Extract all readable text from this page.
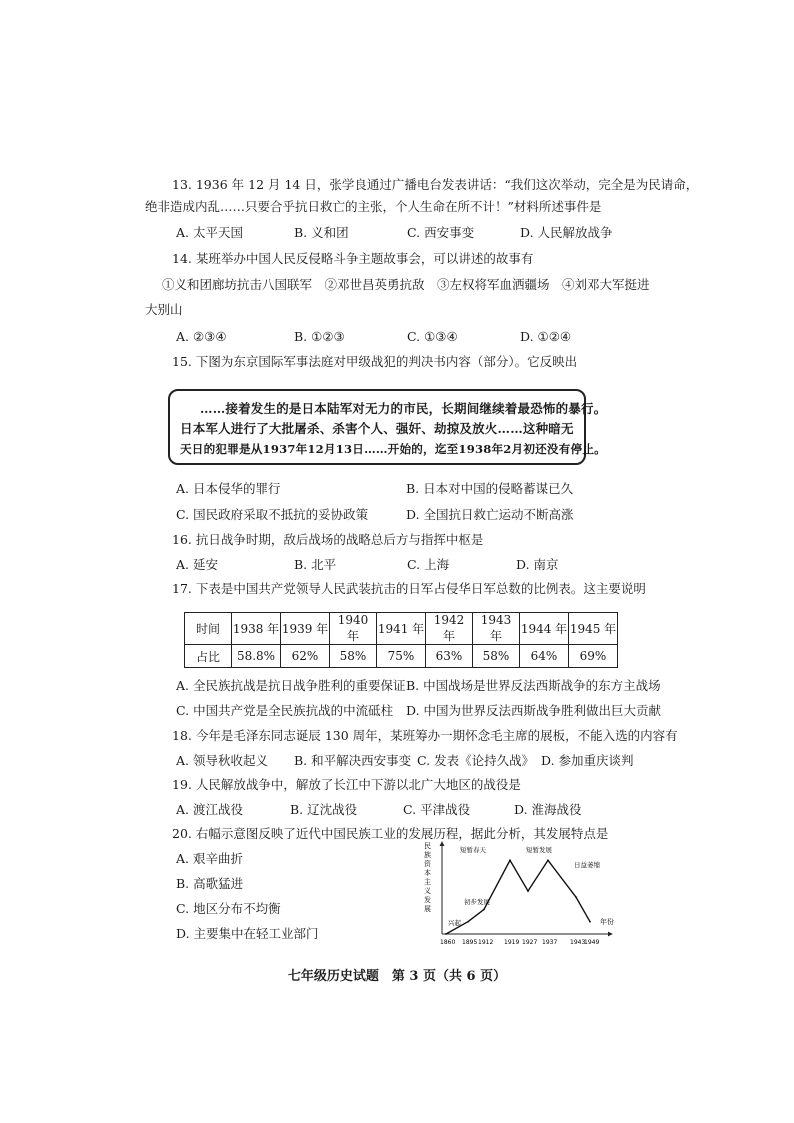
13. 1936 年 12 月 14 日，张学良通过广播电台发表讲话：“我们这次举动，完全是为民请命，
绝非造成内乱……只要合乎抗日救亡的主张，个人生命在所不计！”材料所述事件是
A. 太平天国	B. 义和团	C. 西安事变	D. 人民解放战争
14. 某班举办中国人民反侵略斗争主题故事会，可以讲述的故事有
①义和团廊坊抗击八国联军　②邓世昌英勇抗敌　③左权将军血洒疆场　④刘邓大军挺进
大别山
A. ②③④	B. ①②③	C. ①③④	D. ①②④
15. 下图为东京国际军事法庭对甲级战犯的判决书内容（部分）。它反映出
……接着发生的是日本陆军对无力的市民，长期间继续着最恐怖的暴行。
日本军人进行了大批屠杀、杀害个人、强奸、劫掠及放火……这种暗无
天日的犯罪是从1937年12月13日……开始的，迄至1938年2月初还没有停止。
A. 日本侵华的罪行	B. 日本对中国的侵略蓄谋已久
C. 国民政府采取不抵抗的妥协政策	D. 全国抗日救亡运动不断高涨
16. 抗日战争时期，敌后战场的战略总后方与指挥中枢是
A. 延安	B. 北平	C. 上海	D. 南京
17. 下表是中国共产党领导人民武装抗击的日军占侵华日军总数的比例表。这主要说明
时间	1938 年	1939 年	1940 年	1941 年	1942 年	1943 年	1944 年	1945 年
占比	58.8%	62%	58%	75%	63%	58%	64%	69%
A. 全民族抗战是抗日战争胜利的重要保证 B. 中国战场是世界反法西斯战争的东方主战场
C. 中国共产党是全民族抗战的中流砥柱 D. 中国为世界反法西斯战争胜利做出巨大贡献
18. 今年是毛泽东同志诞辰 130 周年，某班筹办一期怀念毛主席的展板，不能入选的内容有
A. 领导秋收起义 B. 和平解决西安事变 C. 发表《论持久战》 D. 参加重庆谈判
19. 人民解放战争中，解放了长江中下游以北广大地区的战役是
A. 渡江战役	B. 辽沈战役	C. 平津战役	D. 淮海战役
20. 右幅示意图反映了近代中国民族工业的发展历程，据此分析，其发展特点是
A. 艰辛曲折
B. 高歌猛进
C. 地区分布不均衡
D. 主要集中在轻工业部门
民 族 资 本 主 义 发 展
年份
1860 1895 1912 1919 1927 1937 1943
1949
兴起
初步发展
短暂春天	短暂发展
日益萎缩
七年级历史试题　第 3 页（共 6 页）
